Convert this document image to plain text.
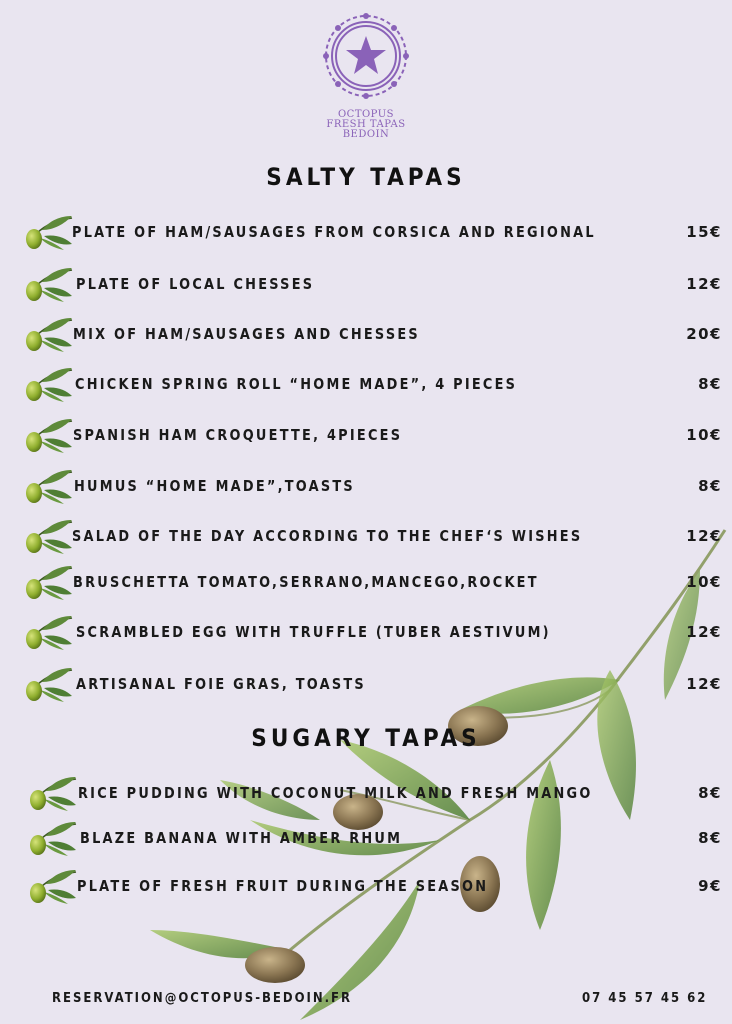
OCTOPUS
FRESH TAPAS
BEDOIN
SALTY TAPAS
PLATE OF HAM/SAUSAGES FROM CORSICA AND REGIONAL	15€
PLATE OF LOCAL CHESSES	12€
MIX OF HAM/SAUSAGES AND CHESSES	20€
CHICKEN SPRING ROLL “HOME MADE”, 4 PIECES	8€
SPANISH HAM CROQUETTE, 4PIECES	10€
HUMUS “HOME MADE”,TOASTS	8€
SALAD OF THE DAY ACCORDING TO THE CHEF‘S WISHES	12€
BRUSCHETTA TOMATO,SERRANO,MANCEGO,ROCKET	10€
SCRAMBLED EGG WITH TRUFFLE (TUBER AESTIVUM)	12€
ARTISANAL FOIE GRAS, TOASTS	12€
SUGARY TAPAS
RICE PUDDING WITH COCONUT MILK AND FRESH MANGO	8€
BLAZE BANANA WITH AMBER RHUM	8€
PLATE OF FRESH FRUIT DURING THE SEASON	9€
RESERVATION@OCTOPUS-BEDOIN.FR	07 45 57 45 62
